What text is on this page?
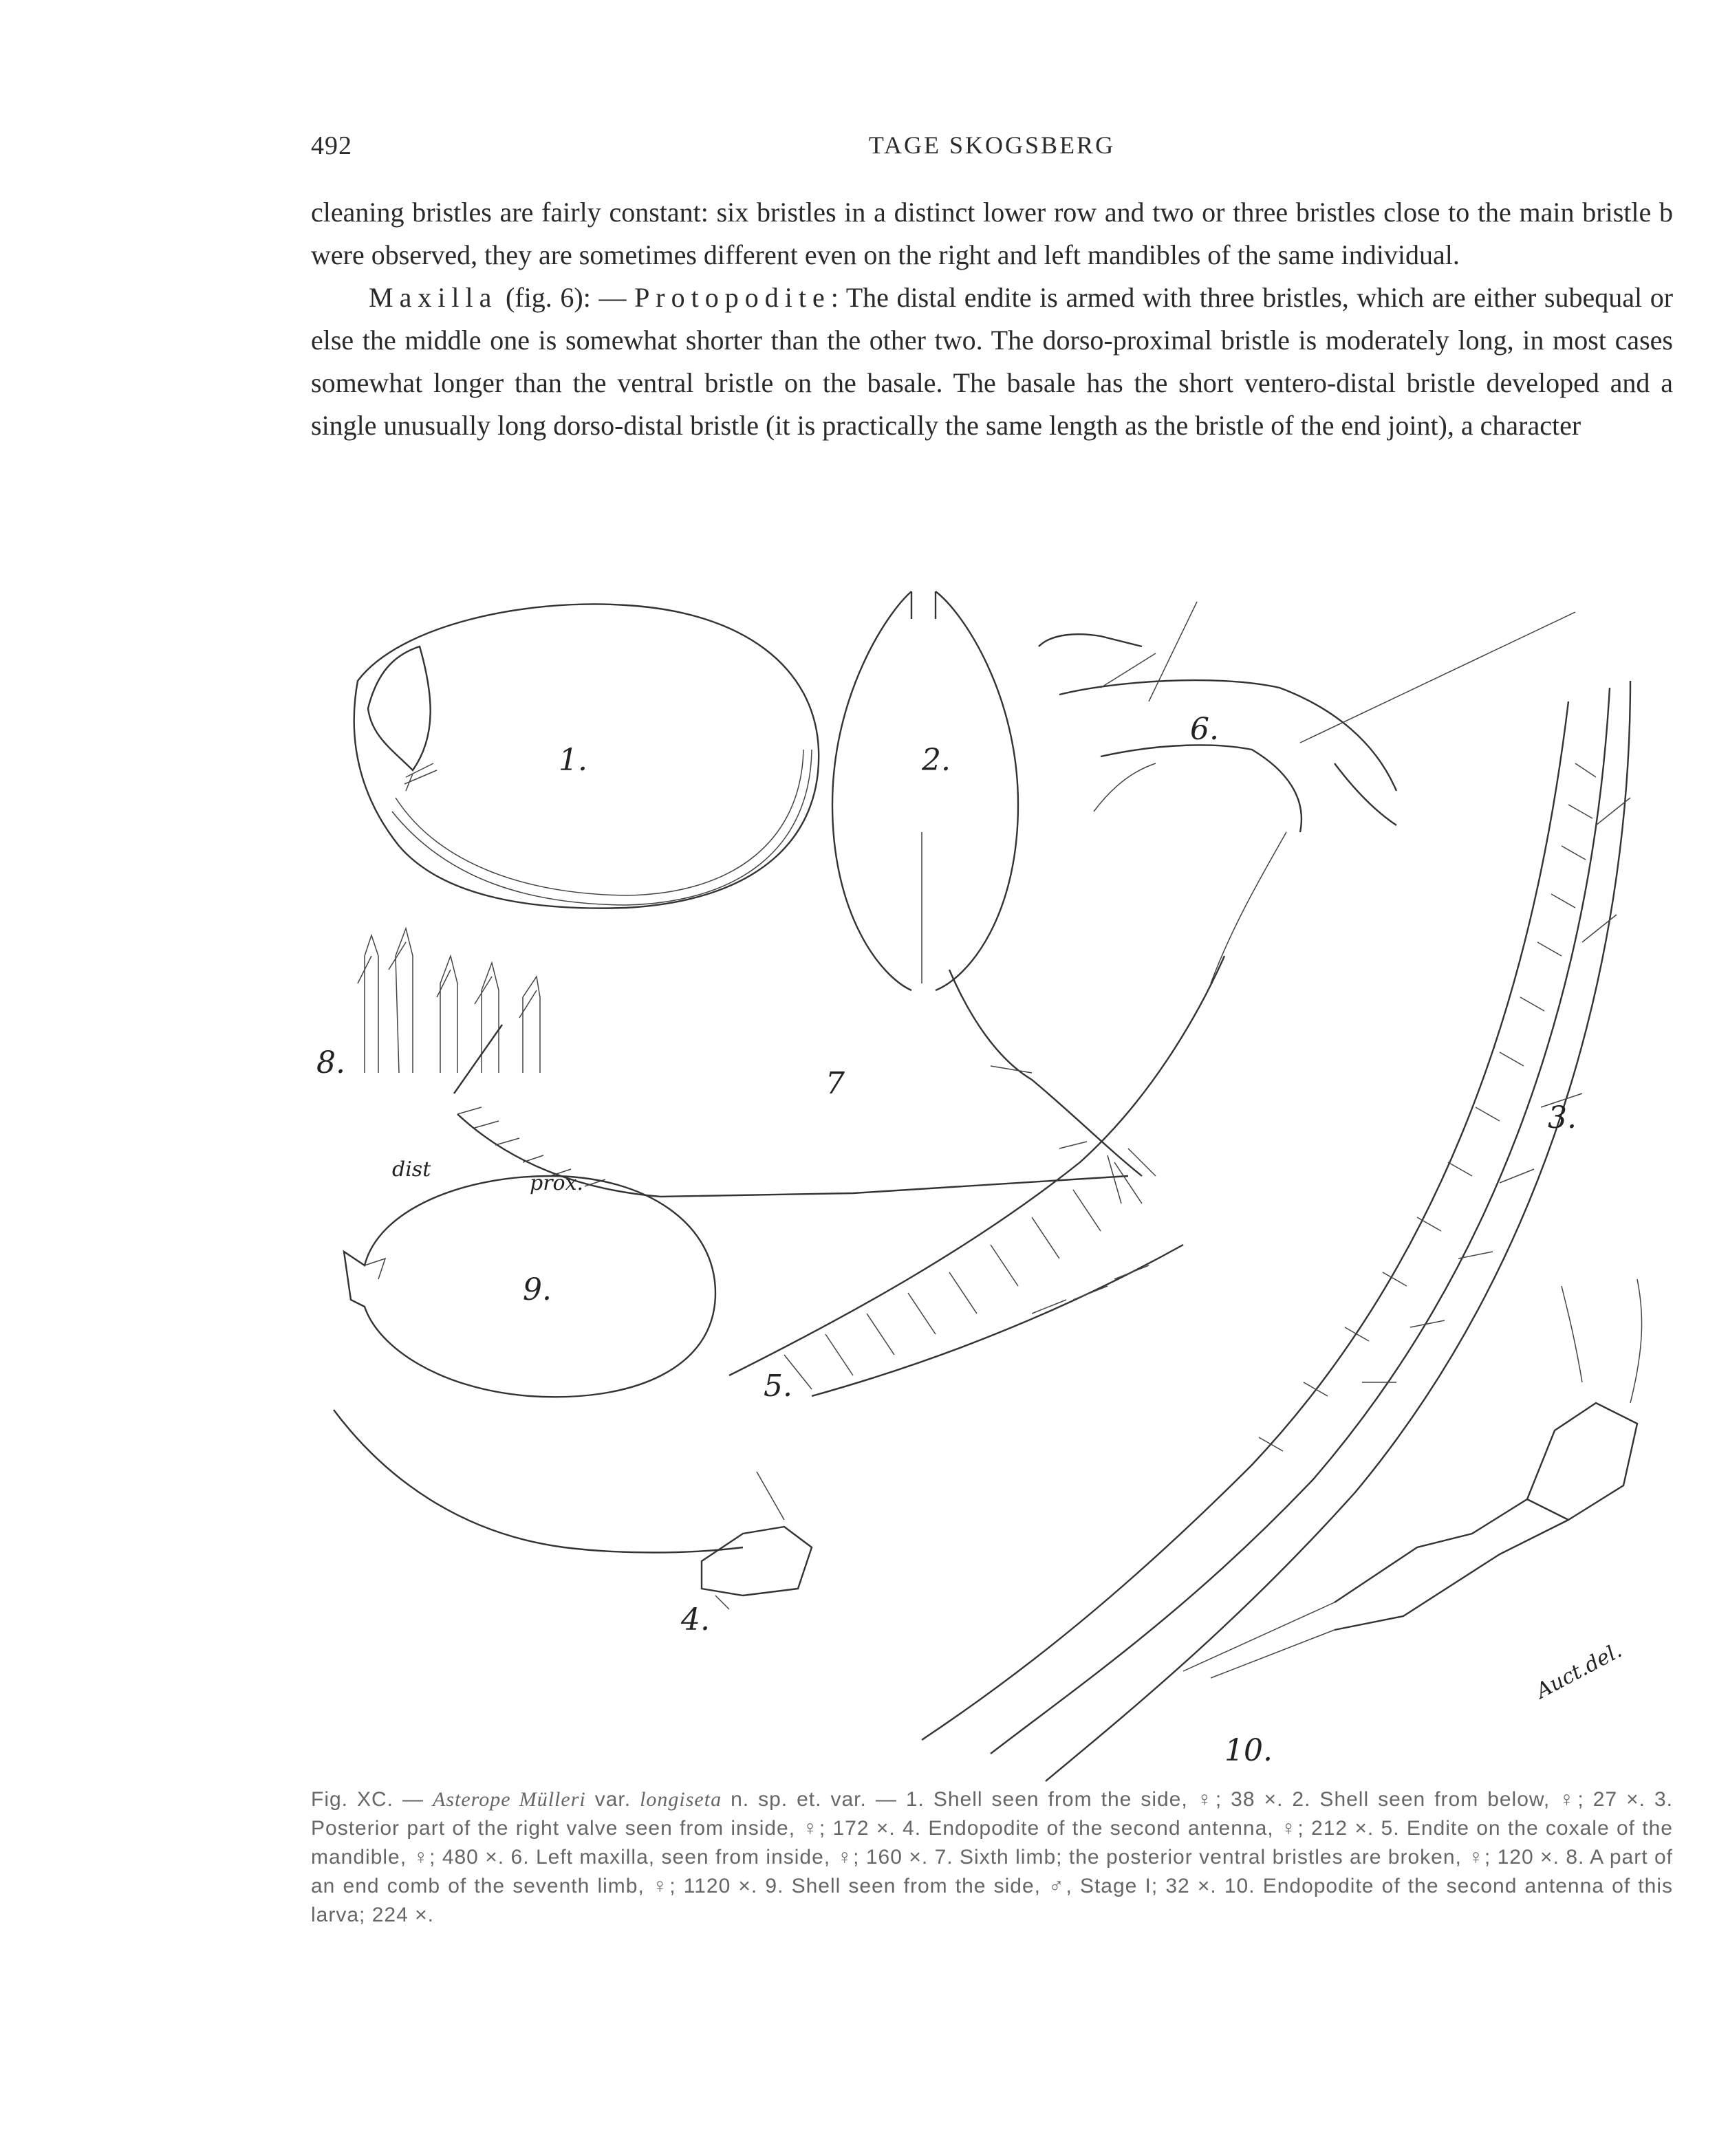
492	TAGE SKOGSBERG

cleaning bristles are fairly constant: six bristles in a distinct lower row and two or three bristles close to the main bristle b were observed, they are sometimes different even on the right and left mandibles of the same individual.

Maxilla (fig. 6): — Protopodite: The distal endite is armed with three bristles, which are either subequal or else the middle one is somewhat shorter than the other two. The dorso-proximal bristle is moderately long, in most cases somewhat longer than the ventral bristle on the basale. The basale has the short ventero-distal bristle developed and a single unusually long dorso-distal bristle (it is practically the same length as the bristle of the end joint), a character

1.	2.
6.
8.
dist
prox.
7
3.
5.
9.
4.
10.
Auct.del.
Fig. XC. — Asterope Mülleri var. longiseta n. sp. et. var. — 1. Shell seen from the side, ♀; 38 ×. 2. Shell seen from below, ♀; 27 ×. 3. Posterior part of the right valve seen from inside, ♀; 172 ×. 4. Endopodite of the second antenna, ♀; 212 ×. 5. Endite on the coxale of the mandible, ♀; 480 ×. 6. Left maxilla, seen from inside, ♀; 160 ×. 7. Sixth limb; the posterior ventral bristles are broken, ♀; 120 ×. 8. A part of an end comb of the seventh limb, ♀; 1120 ×. 9. Shell seen from the side, ♂, Stage I; 32 ×. 10. Endopodite of the second antenna of this larva; 224 ×.
